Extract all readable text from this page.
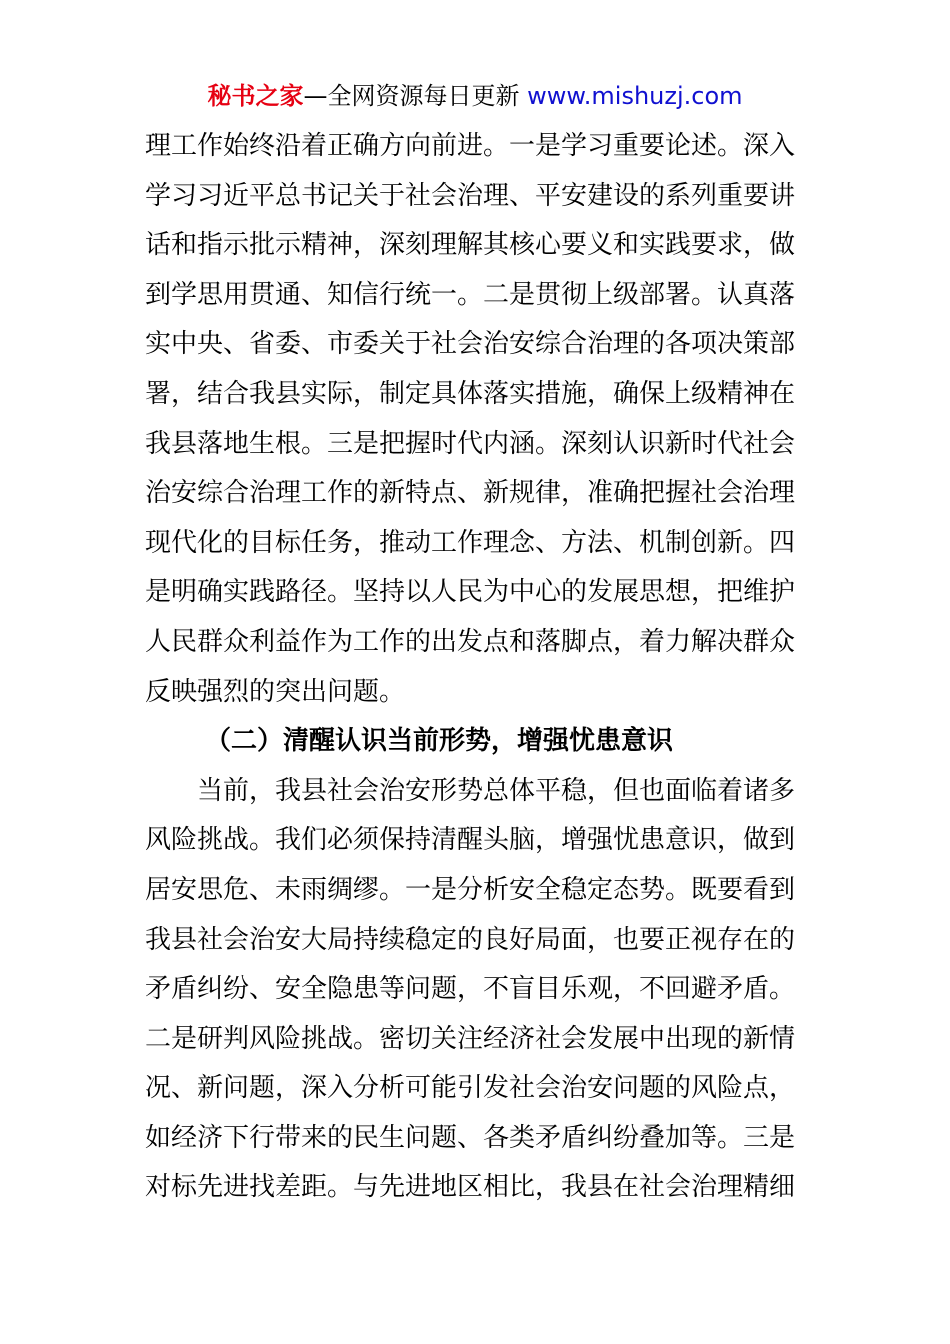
秘书之家—全网资源每日更新 www.mishuzj.com
理工作始终沿着正确方向前进。一是学习重要论述。深入
学习习近平总书记关于社会治理、平安建设的系列重要讲
话和指示批示精神，深刻理解其核心要义和实践要求，做
到学思用贯通、知信行统一。二是贯彻上级部署。认真落
实中央、省委、市委关于社会治安综合治理的各项决策部
署，结合我县实际，制定具体落实措施，确保上级精神在
我县落地生根。三是把握时代内涵。深刻认识新时代社会
治安综合治理工作的新特点、新规律，准确把握社会治理
现代化的目标任务，推动工作理念、方法、机制创新。四
是明确实践路径。坚持以人民为中心的发展思想，把维护
人民群众利益作为工作的出发点和落脚点，着力解决群众
反映强烈的突出问题。
（二）清醒认识当前形势，增强忧患意识
当前，我县社会治安形势总体平稳，但也面临着诸多
风险挑战。我们必须保持清醒头脑，增强忧患意识，做到
居安思危、未雨绸缪。一是分析安全稳定态势。既要看到
我县社会治安大局持续稳定的良好局面，也要正视存在的
矛盾纠纷、安全隐患等问题，不盲目乐观，不回避矛盾。
二是研判风险挑战。密切关注经济社会发展中出现的新情
况、新问题，深入分析可能引发社会治安问题的风险点，
如经济下行带来的民生问题、各类矛盾纠纷叠加等。三是
对标先进找差距。与先进地区相比，我县在社会治理精细
